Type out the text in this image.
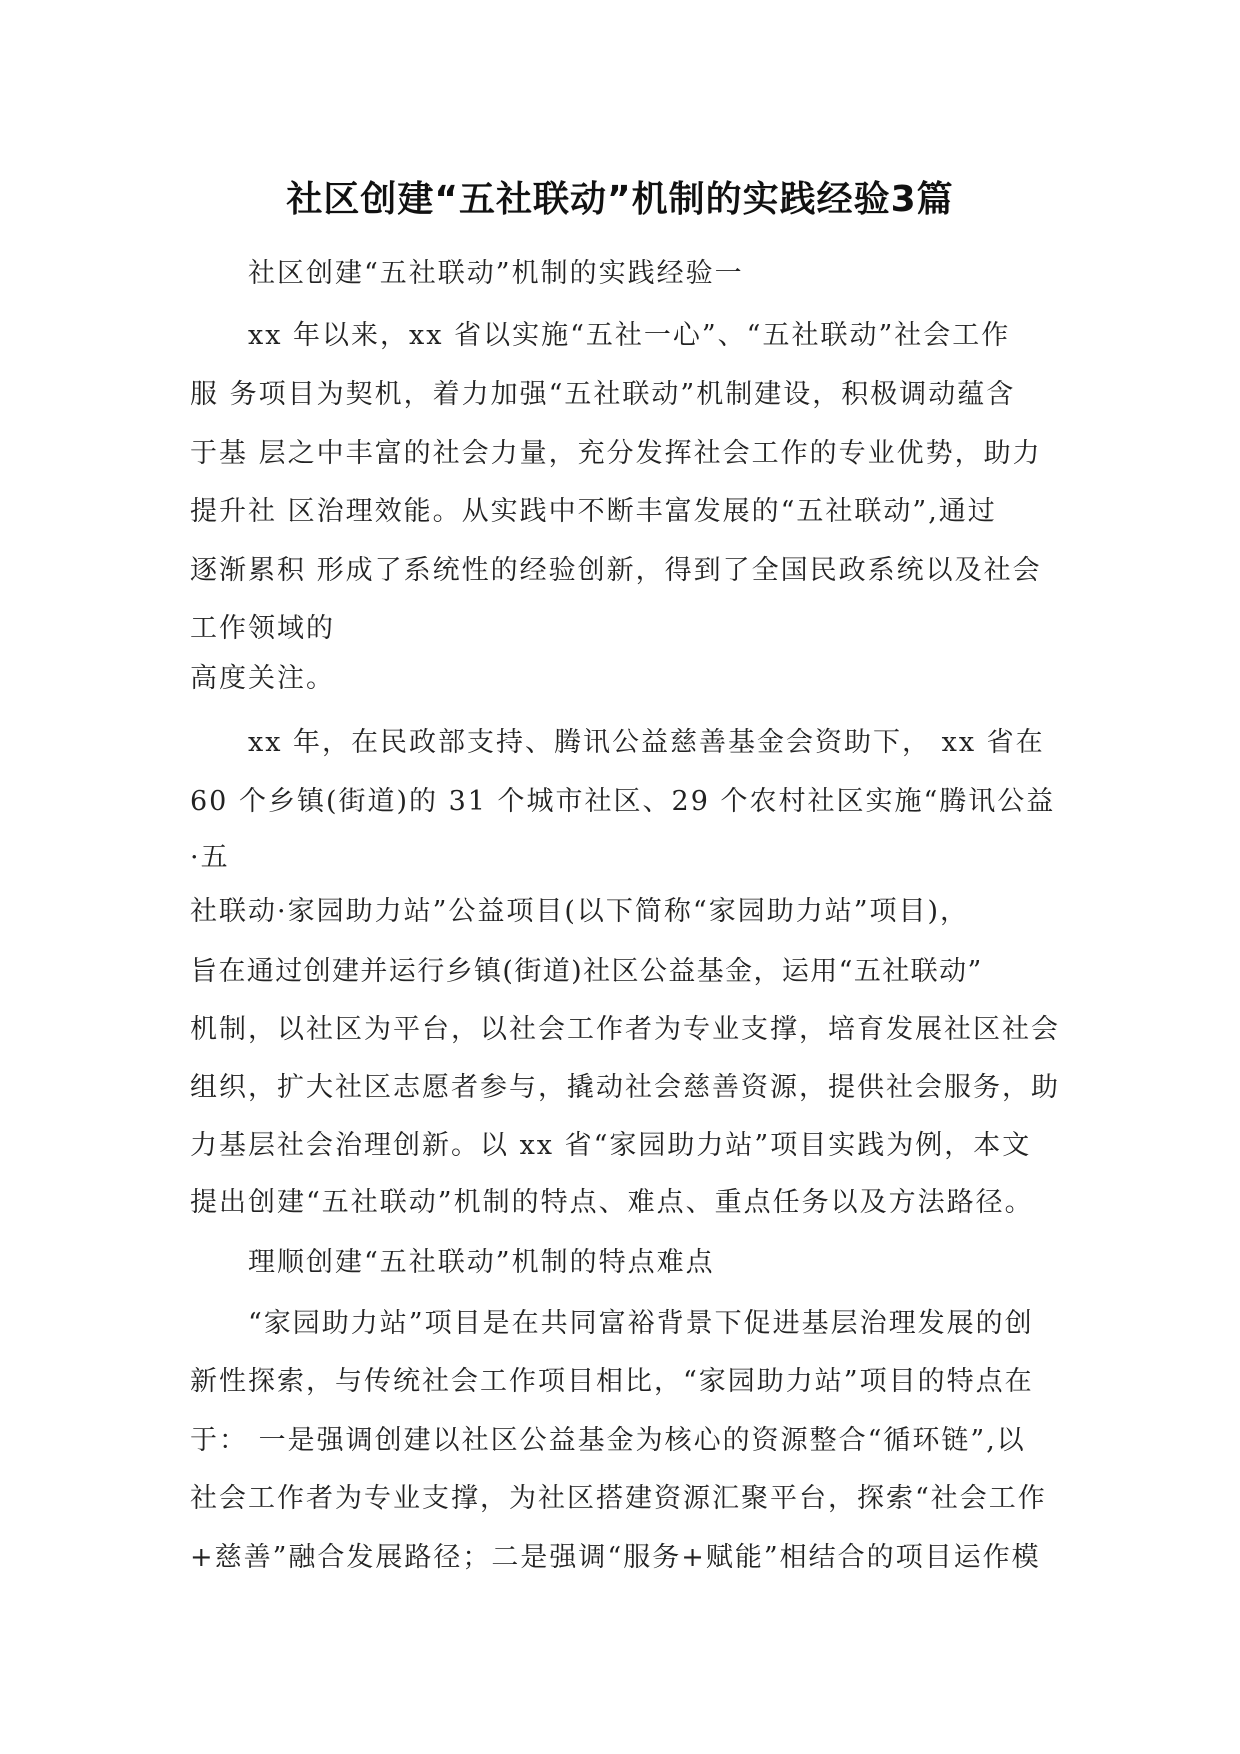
社区创建“五社联动”机制的实践经验3篇
社区创建“五社联动”机制的实践经验一
xx 年以来，xx 省以实施“五社一心”、“五社联动”社会工作
服 务项目为契机，着力加强“五社联动”机制建设，积极调动蕴含
于基 层之中丰富的社会力量，充分发挥社会工作的专业优势，助力
提升社 区治理效能。从实践中不断丰富发展的“五社联动”,通过
逐渐累积 形成了系统性的经验创新，得到了全国民政系统以及社会
工作领域的
高度关注。
xx 年，在民政部支持、腾讯公益慈善基金会资助下， xx 省在
60 个乡镇(街道)的 31 个城市社区、29 个农村社区实施“腾讯公益
·五
社联动·家园助力站”公益项目(以下简称“家园助力站”项目)，
旨在通过创建并运行乡镇(街道)社区公益基金，运用“五社联动”
机制，以社区为平台，以社会工作者为专业支撑，培育发展社区社会
组织，扩大社区志愿者参与，撬动社会慈善资源，提供社会服务，助
力基层社会治理创新。以 xx 省“家园助力站”项目实践为例，本文
提出创建“五社联动”机制的特点、难点、重点任务以及方法路径。
理顺创建“五社联动”机制的特点难点
“家园助力站”项目是在共同富裕背景下促进基层治理发展的创
新性探索，与传统社会工作项目相比，“家园助力站”项目的特点在
于： 一是强调创建以社区公益基金为核心的资源整合“循环链”,以
社会工作者为专业支撑，为社区搭建资源汇聚平台，探索“社会工作
+慈善”融合发展路径；二是强调“服务+赋能”相结合的项目运作模
